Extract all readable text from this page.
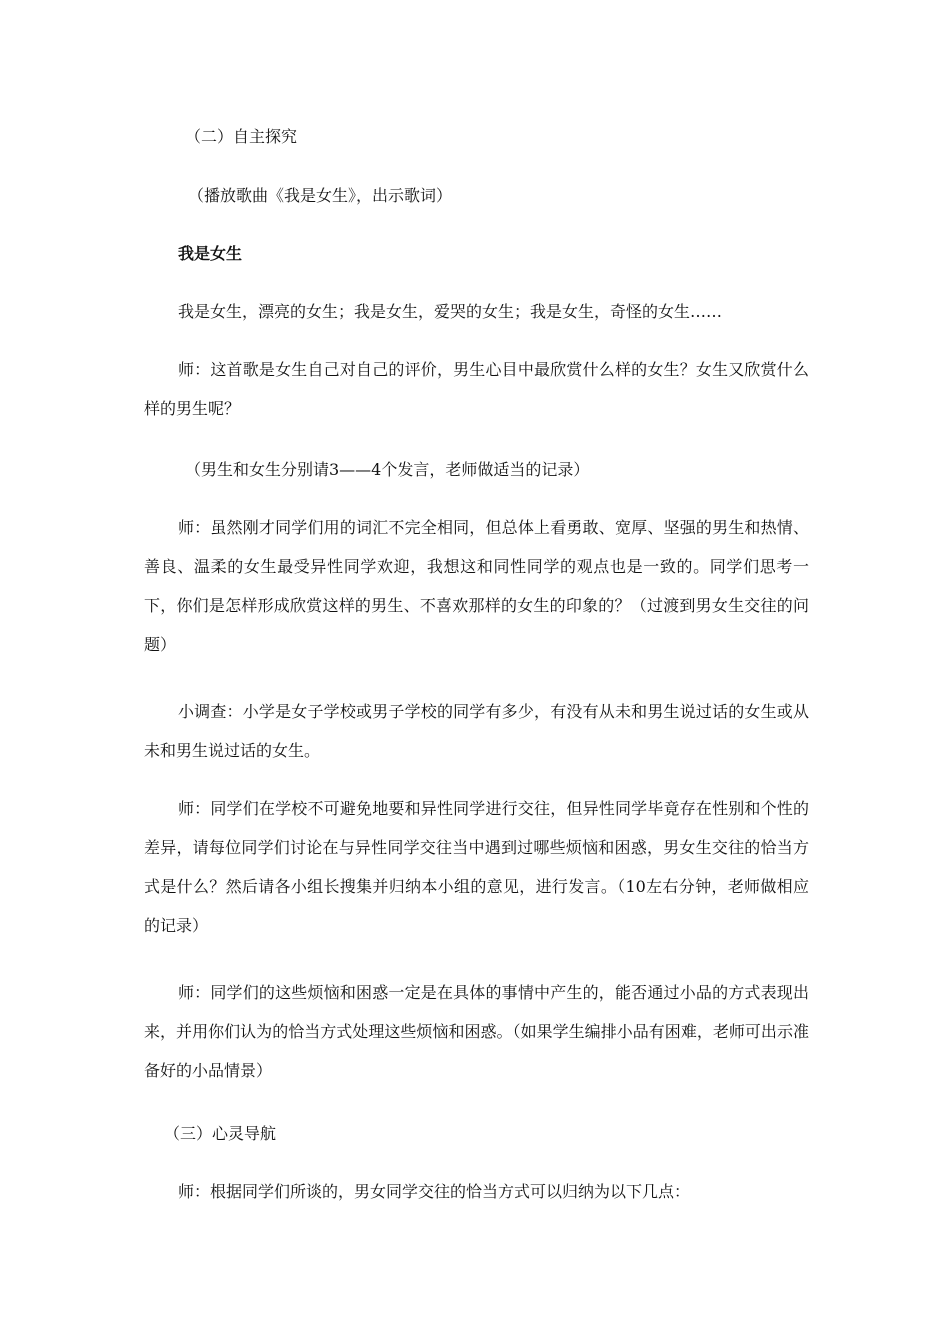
（二）自主探究
（播放歌曲《我是女生》，出示歌词）
我是女生
我是女生，漂亮的女生；我是女生，爱哭的女生；我是女生，奇怪的女生……
师：这首歌是女生自己对自己的评价，男生心目中最欣赏什么样的女生？女生又欣赏什么样的男生呢？
（男生和女生分别请3——4个发言，老师做适当的记录）
师：虽然刚才同学们用的词汇不完全相同，但总体上看勇敢、宽厚、坚强的男生和热情、善良、温柔的女生最受异性同学欢迎，我想这和同性同学的观点也是一致的。同学们思考一下，你们是怎样形成欣赏这样的男生、不喜欢那样的女生的印象的？（过渡到男女生交往的问题）
小调查：小学是女子学校或男子学校的同学有多少，有没有从未和男生说过话的女生或从未和男生说过话的女生。
师：同学们在学校不可避免地要和异性同学进行交往，但异性同学毕竟存在性别和个性的差异，请每位同学们讨论在与异性同学交往当中遇到过哪些烦恼和困惑，男女生交往的恰当方式是什么？然后请各小组长搜集并归纳本小组的意见，进行发言。（10左右分钟，老师做相应的记录）
师：同学们的这些烦恼和困惑一定是在具体的事情中产生的，能否通过小品的方式表现出来，并用你们认为的恰当方式处理这些烦恼和困惑。（如果学生编排小品有困难，老师可出示准备好的小品情景）
（三）心灵导航
师：根据同学们所谈的，男女同学交往的恰当方式可以归纳为以下几点：
